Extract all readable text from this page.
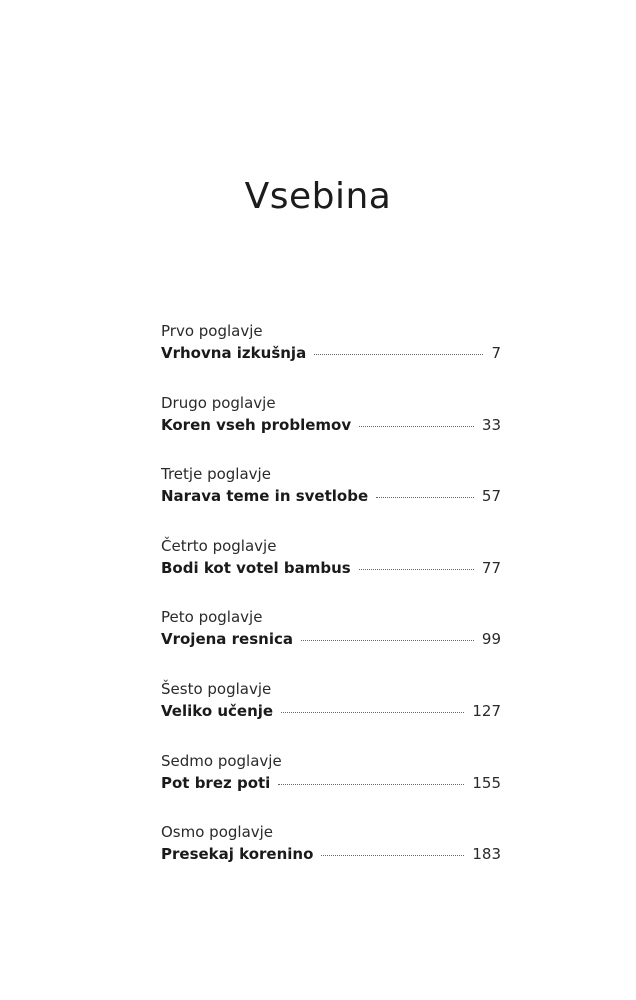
Vsebina
Prvo poglavje
Vrhovna izkušnja	7
Drugo poglavje
Koren vseh problemov	33
Tretje poglavje
Narava teme in svetlobe	57
Četrto poglavje
Bodi kot votel bambus	77
Peto poglavje
Vrojena resnica	99
Šesto poglavje
Veliko učenje	127
Sedmo poglavje
Pot brez poti	155
Osmo poglavje
Presekaj korenino	183
